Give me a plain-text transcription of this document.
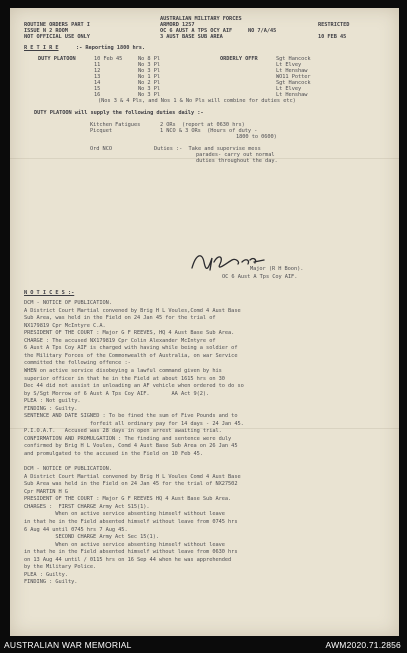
ROUTINE ORDERS PART I
ISSUE N 2 ROOM
NOT OFFICIAL USE ONLY
AUSTRALIAN MILITARY FORCES
ARMORD 1257
OC 6 AUST A TPS OCY AIF
3 AUST BASE SUB AREA
RESTRICTED
NO 7/A/45
10 FEB 45
R E T I R E	:- Reporting 1800 hrs.
DUTY PLATOON
(Nos 3 & 4 Pls, and Nos 1 & No Pls will combine for duties etc)
DUTY PLATOON will supply the following duties daily :-
Major (R H Boon).
OC 6 Aust A Tps Coy AIF.
N O T I C E S :-
10 Feb 45	No 8 Pl	ORDERLY OFFR	Sgt Hancock
11	No 3 Pl	Lt Elvey
12	No 3 Pl	Lt Henshaw
13	No 1 Pl	WO11 Potter
14	No 2 Pl	Sgt Hancock
15	No 3 Pl	Lt Elvey
16	No 3 Pl	Lt Henshaw
Kitchen Fatigues	2 ORs  (report at 0630 hrs)
Picquet	1 NCO & 3 ORs  (Hours of duty -
1800 to 0600)
Ord NCO	Duties :-  Take and supervise mess
parades- carry out normal
duties throughout the day.
DCM - NOTICE OF PUBLICATION.
A District Court Martial convened by Brig H L Voules,Comd 4 Aust Base
Sub Area, was held in the Field on 24 Jan 45 for the trial of
NX179819 Cpr McIntyre C.A.
PRESIDENT OF THE COURT : Major G F REEVES, HQ 4 Aust Base Sub Area.
CHARGE : The accused NX179819 Cpr Colin Alexander McIntyre of
6 Aust A Tps Coy AIF is charged with having while being a soldier of
the Military Forces of the Commonwealth of Australia, on war Service
committed the following offence :-
WHEN on active service disobeying a lawful command given by his
superior officer in that he in the Field at about 1615 hrs on 30
Dec 44 did not assist in unloading an AF vehicle when ordered to do so
by S/Sgt Morrow of 6 Aust A Tps Coy AIF.       AA Act 9(2).
PLEA : Not guilty.
FINDING : Guilty.
SENTENCE AND DATE SIGNED : To be fined the sum of Five Pounds and to
forfeit all ordinary pay for 14 days - 24 Jan 45.
P.I.O.A.T.   Accused was 28 days in open arrest awaiting trial.
CONFIRMATION AND PROMULGATION : The finding and sentence were duly
confirmed by Brig H L Voules, Comd 4 Aust Base Sub Area on 26 Jan 45
and promulgated to the accused in the Field on 10 Feb 45.
DCM - NOTICE OF PUBLICATION.
A District Court Martial convened by Brig H L Voules Comd 4 Aust Base
Sub Area was held in the Field on 24 Jan 45 for the trial of NX27502
Cpr MARTIN H G
PRESIDENT OF THE COURT : Major G F REEVES HQ 4 Aust Base Sub Area.
CHARGES :  FIRST CHARGE Army Act S15(1).
When on active service absenting himself without leave
in that he in the Field absented himself without leave from 0745 hrs
6 Aug 44 until 0745 hrs 7 Aug 45.
SECOND CHARGE Army Act Sec 15(1).
When on active service absenting himself without leave
in that he in the Field absented himself without leave from 0630 hrs
on 13 Aug 44 until / 0115 hrs on 16 Sep 44 when he was apprehended
by the Military Police.
PLEA : Guilty.
FINDING : Guilty.
AUSTRALIAN WAR MEMORIAL	AWM2020.71.2856
